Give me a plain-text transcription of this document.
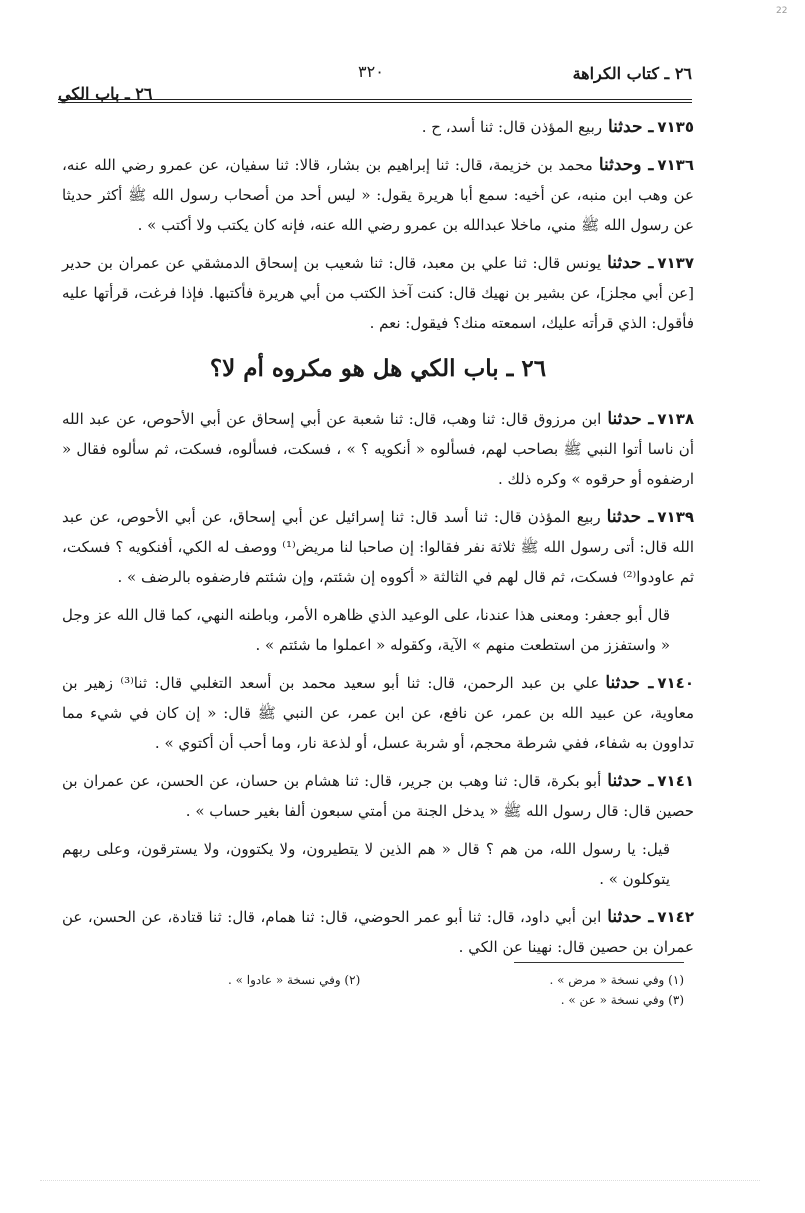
22
٢٦ ـ كتاب الكراهة
٣٢٠
٢٦ ـ باب الكي

٧١٣٥ـ حدثناربيع المؤذن قال: ثنا أسد، ح .

٧١٣٦ـ وحدثنامحمد بن خزيمة، قال: ثنا إبراهيم بن بشار، قالا: ثنا سفيان، عن عمرو رضي الله عنه، عن وهب ابن منبه، عن أخيه: سمع أبا هريرة يقول: « ليس أحد من أصحاب رسول الله ﷺ أكثر حديثا عن رسول الله ﷺ مني، ماخلا عبدالله بن عمرو رضي الله عنه، فإنه كان يكتب ولا أكتب » .

٧١٣٧ـ حدثنايونس قال: ثنا علي بن معبد، قال: ثنا شعيب بن إسحاق الدمشقي عن عمران بن حدير [عن أبي مجلز]، عن بشير بن نهيك قال: كنت آخذ الكتب من أبي هريرة فأكتبها. فإذا فرغت، قرأتها عليه فأقول: الذي قرأته عليك، اسمعته منك؟ فيقول: نعم .

٢٦ ـ باب الكي هل هو مكروه أم لا؟

٧١٣٨ـ حدثناابن مرزوق قال: ثنا وهب، قال: ثنا شعبة عن أبي إسحاق عن أبي الأحوص، عن عبد الله أن ناسا أتوا النبي ﷺ بصاحب لهم، فسألوه « أنكويه ؟ » ، فسكت، فسألوه، فسكت، ثم سألوه فقال « ارضفوه أو حرقوه » وكره ذلك .

٧١٣٩ـ حدثناربيع المؤذن قال: ثنا أسد قال: ثنا إسرائيل عن أبي إسحاق، عن أبي الأحوص، عن عبد الله قال: أتى رسول الله ﷺ ثلاثة نفر فقالوا: إن صاحبا لنا مريض⁽¹⁾ ووصف له الكي، أفنكويه ؟ فسكت، ثم عاودوا⁽²⁾ فسكت، ثم قال لهم في الثالثة « أكووه إن شئتم، وإن شئتم فارضفوه بالرضف » .

قال أبو جعفر: ومعنى هذا عندنا، على الوعيد الذي ظاهره الأمر، وباطنه النهي، كما قال الله عز وجل « واستفزز من استطعت منهم » الآية، وكقوله « اعملوا ما شئتم » .

٧١٤٠ـ حدثناعلي بن عبد الرحمن، قال: ثنا أبو سعيد محمد بن أسعد التغلبي قال: ثنا⁽³⁾ زهير بن معاوية، عن عبيد الله بن عمر، عن نافع، عن ابن عمر، عن النبي ﷺ قال: « إن كان في شيء مما تداوون به شفاء، ففي شرطة محجم، أو شربة عسل، أو لذعة نار، وما أحب أن أكتوي » .

٧١٤١ـ حدثناأبو بكرة، قال: ثنا وهب بن جرير، قال: ثنا هشام بن حسان، عن الحسن، عن عمران بن حصين قال: قال رسول الله ﷺ « يدخل الجنة من أمتي سبعون ألفا بغير حساب » .

قيل: يا رسول الله، من هم ؟ قال « هم الذين لا يتطيرون، ولا يكتوون، ولا يسترقون، وعلى ربهم يتوكلون » .

٧١٤٢ـ حدثناابن أبي داود، قال: ثنا أبو عمر الحوضي، قال: ثنا همام، قال: ثنا قتادة، عن الحسن، عن عمران بن حصين قال: نهينا عن الكي .

(١) وفي نسخة « مرض » .
(٢) وفي نسخة « عادوا » .
(٣) وفي نسخة « عن » .
